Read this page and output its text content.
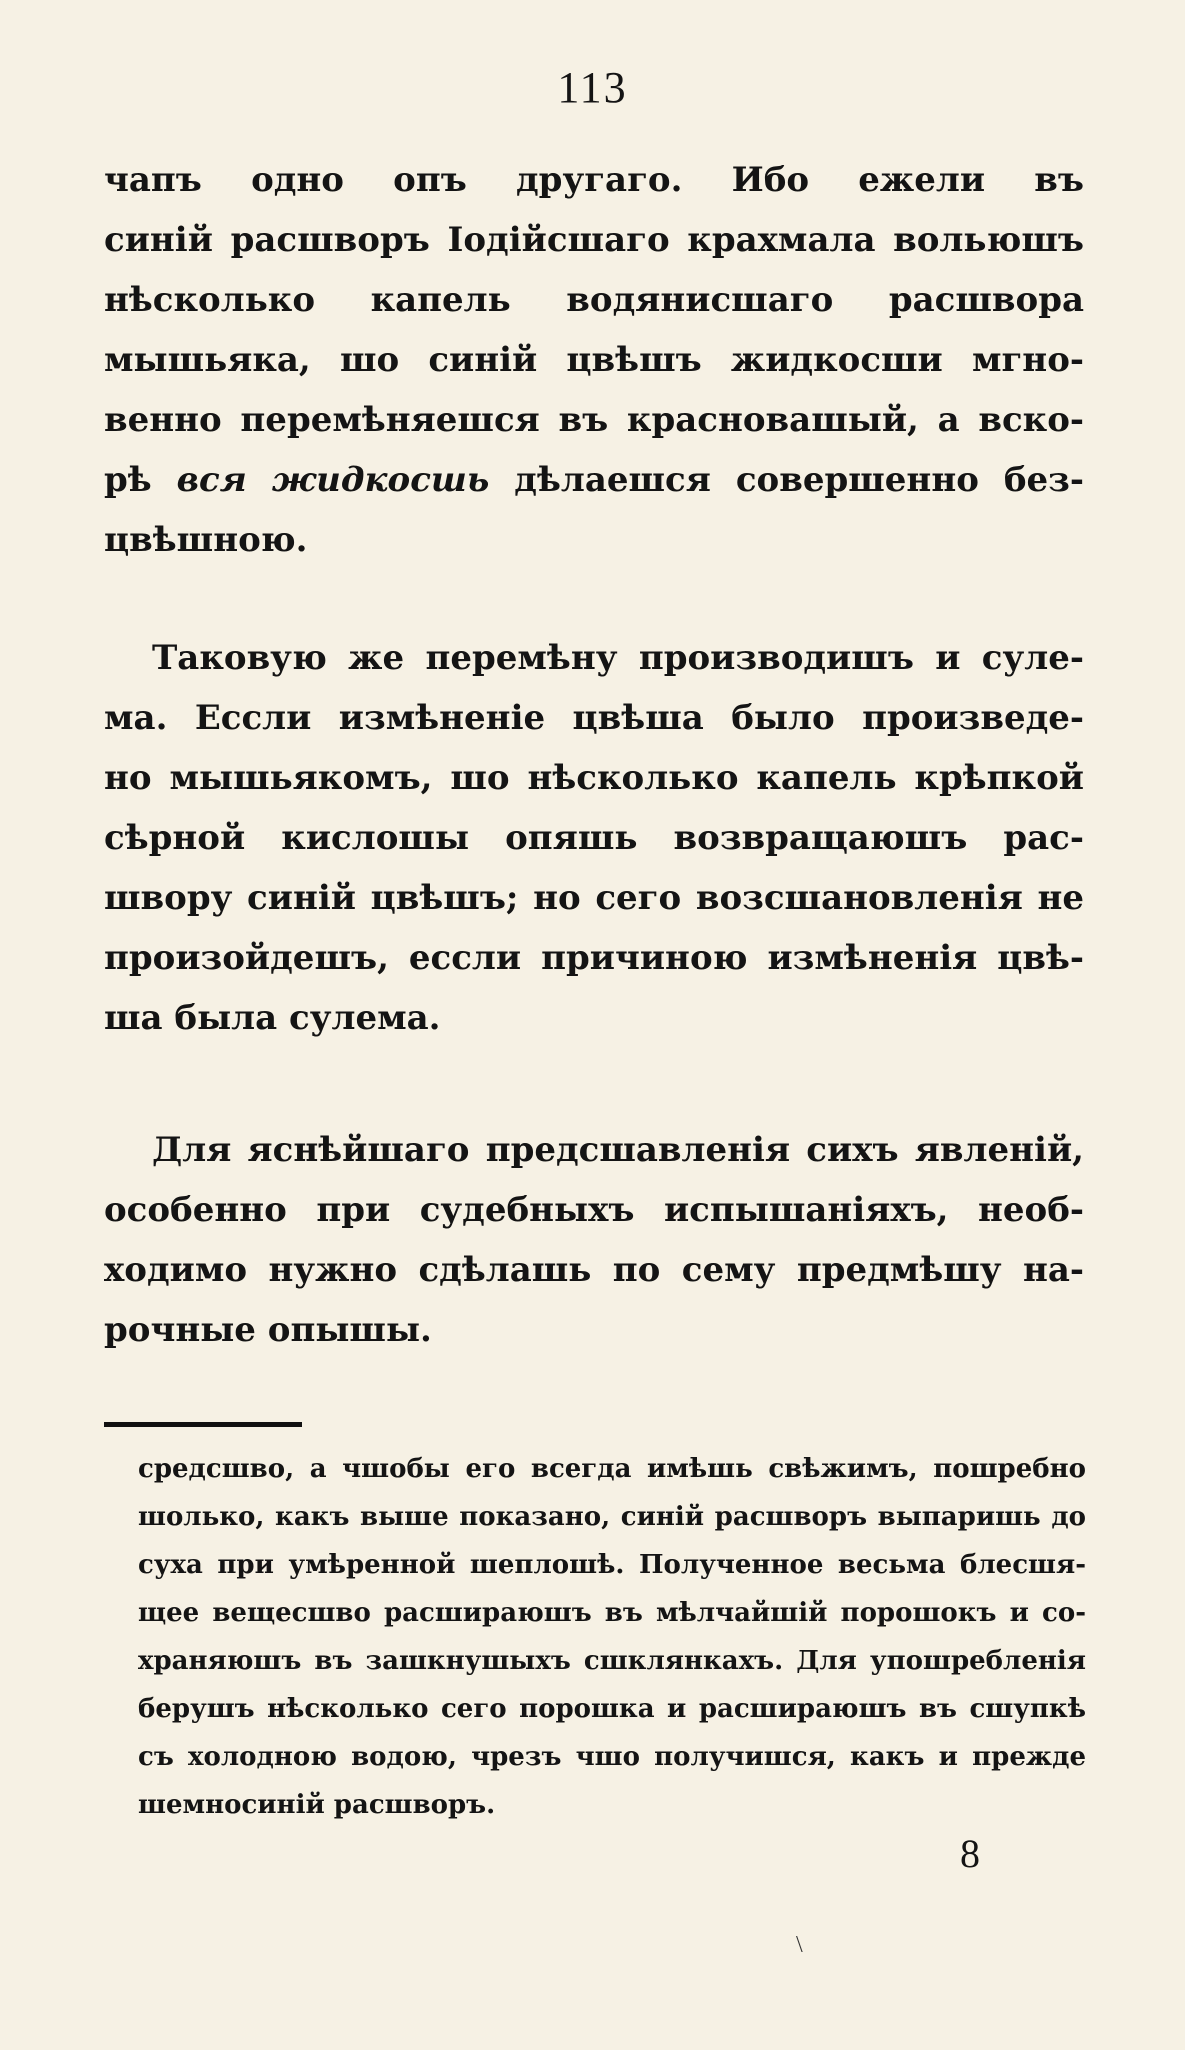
113
чапъ одно опъ другаго. Ибо ежели въ
синій расшворъ Іодійсшаго крахмала вольюшъ
нѣсколько капель водянисшаго расшвора
мышьяка, шо синій цвѣшъ жидкосши мгно-
венно перемѣняешся въ красновашый, а вско-
рѣ вся жидкосшь дѣлаешся совершенно без-
цвѣшною.
Таковую же перемѣну производишъ и суле-
ма. Ессли измѣненіе цвѣша было произведе-
но мышьякомъ, шо нѣсколько капель крѣпкой
сѣрной кислошы опяшь возвращаюшъ рас-
швору синій цвѣшъ; но сего возсшановленія не
произойдешъ, ессли причиною измѣненія цвѣ-
ша была сулема.
Для яснѣйшаго предсшавленія сихъ явленій,
особенно при судебныхъ испышаніяхъ, необ-
ходимо нужно сдѣлашь по сему предмѣшу на-
рочные опышы.
средсшво, а чшобы его всегда имѣшь свѣжимъ, пошребно
шолько, какъ выше показано, синій расшворъ выпаришь до
суха при умѣренной шеплошѣ. Полученное весьма блесшя-
щее вещесшво расшираюшъ въ мѣлчайшій порошокъ и со-
храняюшъ въ зашкнушыхъ сшклянкахъ. Для упошребленія
берушъ нѣсколько сего порошка и расшираюшъ въ сшупкѣ
съ холодною водою, чрезъ чшо получишся, какъ и прежде
шемносиній расшворъ.
8
\
